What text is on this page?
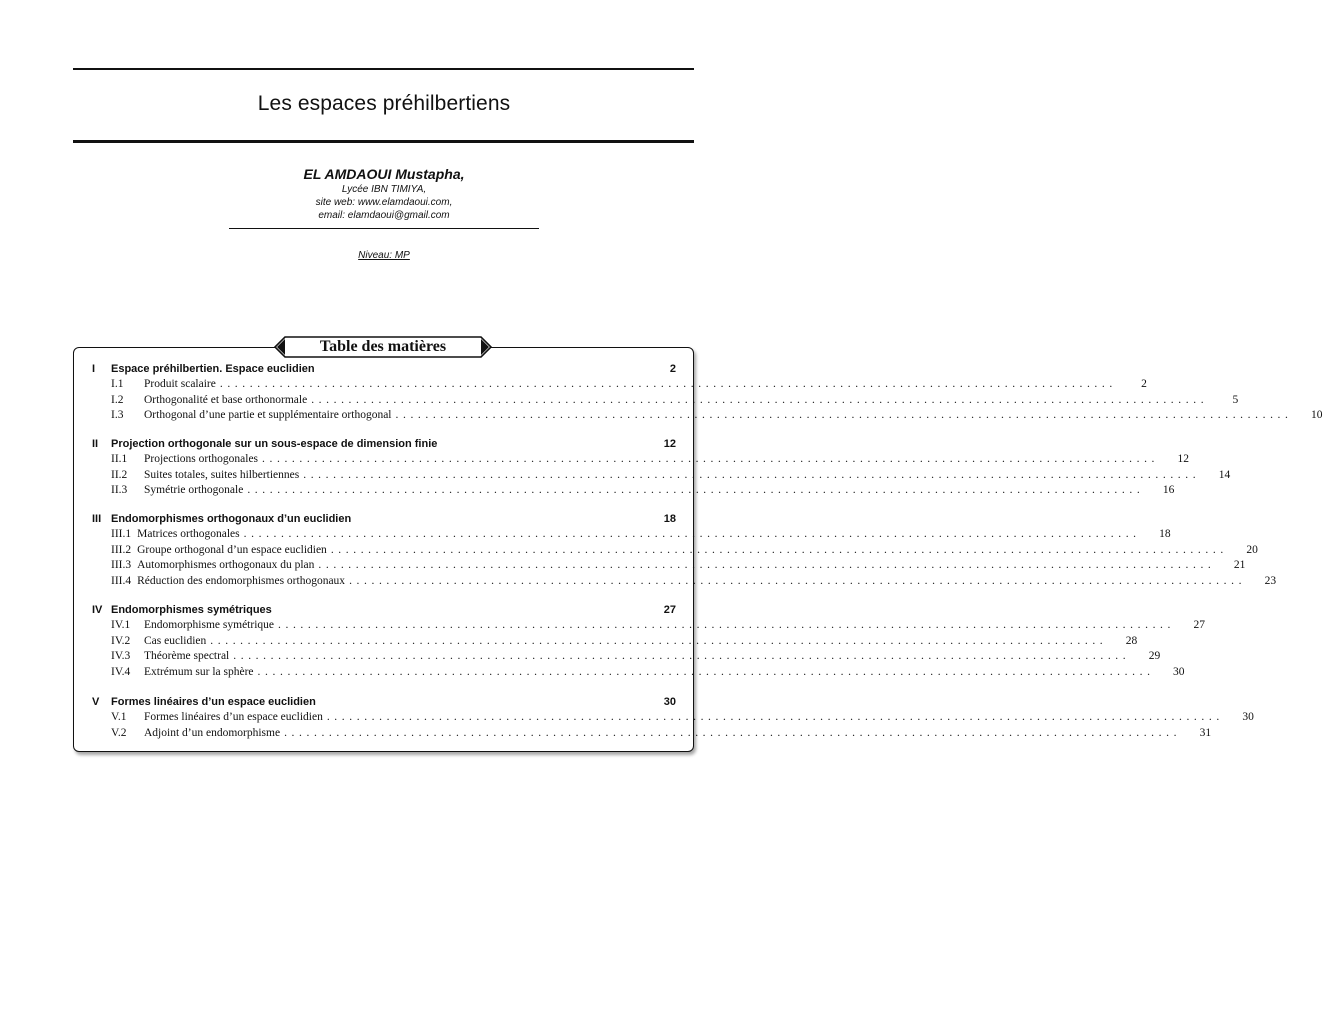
Les espaces préhilbertiens
EL AMDAOUI Mustapha,
Lycée IBN TIMIYA,
site web: www.elamdaoui.com,
email: elamdaoui@gmail.com
Niveau: MP
Table des matières
I Espace préhilbertien. Espace euclidien	2
I.1	Produit scalaire ........................................................................................................................	2
I.2	Orthogonalité et base orthonormale ........................................................................................................................	5
I.3	Orthogonal d’une partie et supplémentaire orthogonal ........................................................................................................................	10
II Projection orthogonale sur un sous-espace de dimension finie	12
II.1	Projections orthogonales ........................................................................................................................	12
II.2	Suites totales, suites hilbertiennes ........................................................................................................................	14
II.3	Symétrie orthogonale ........................................................................................................................	16
III Endomorphismes orthogonaux d’un euclidien	18
III.1 Matrices orthogonales ........................................................................................................................	18
III.2 Groupe orthogonal d’un espace euclidien ........................................................................................................................	20
III.3 Automorphismes orthogonaux du plan ........................................................................................................................	21
III.4 Réduction des endomorphismes orthogonaux ........................................................................................................................	23
IV Endomorphismes symétriques	27
IV.1	Endomorphisme symétrique ........................................................................................................................	27
IV.2	Cas euclidien ........................................................................................................................	28
IV.3	Théorème spectral ........................................................................................................................	29
IV.4	Extrémum sur la sphère ........................................................................................................................	30
V Formes linéaires d’un espace euclidien	30
V.1	Formes linéaires d’un espace euclidien ........................................................................................................................	30
V.2	Adjoint d’un endomorphisme ........................................................................................................................	31
